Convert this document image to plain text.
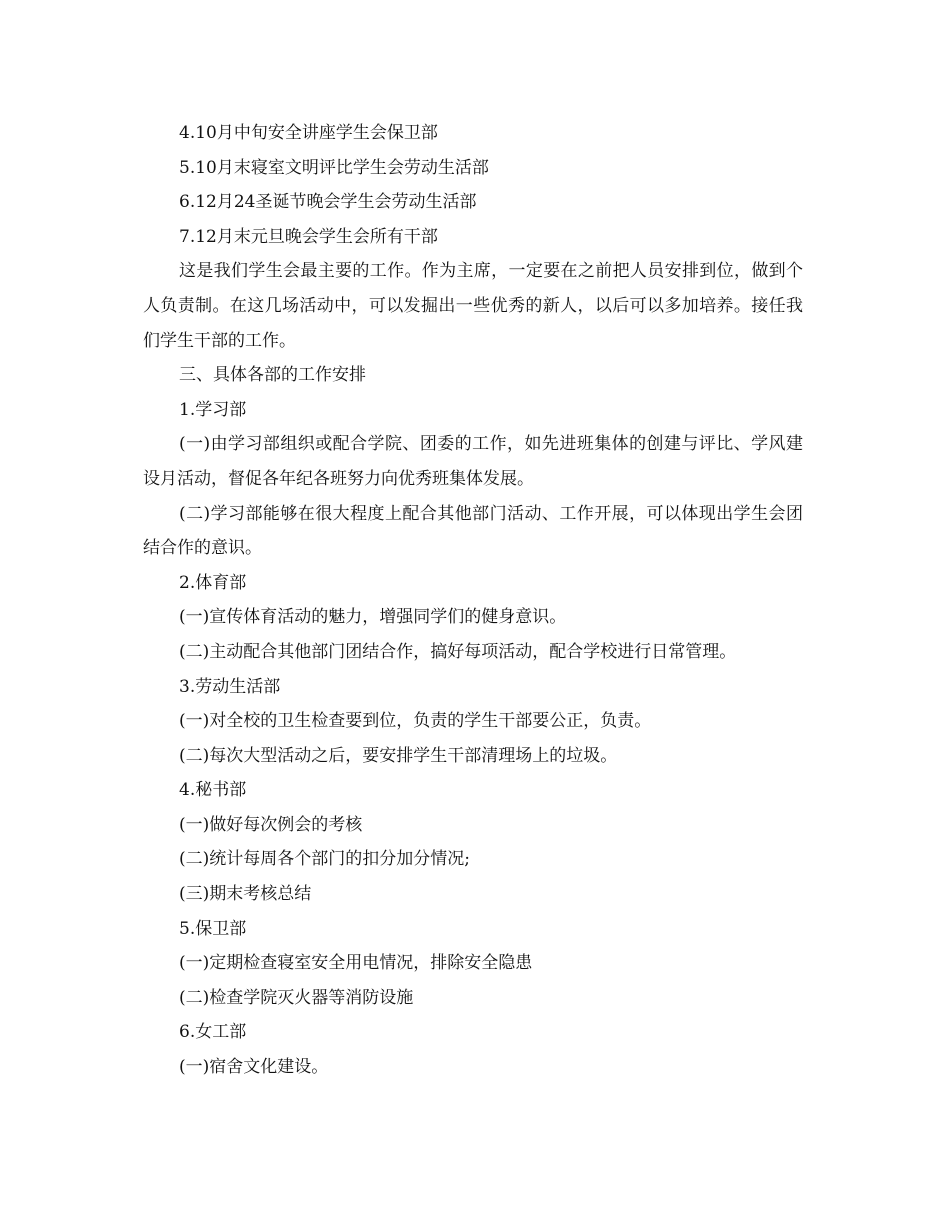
4.10月中旬安全讲座学生会保卫部

5.10月末寝室文明评比学生会劳动生活部

6.12月24圣诞节晚会学生会劳动生活部

7.12月末元旦晚会学生会所有干部

这是我们学生会最主要的工作。作为主席，一定要在之前把人员安排到位，做到个人负责制。在这几场活动中，可以发掘出一些优秀的新人，以后可以多加培养。接任我们学生干部的工作。

三、具体各部的工作安排

1.学习部

(一)由学习部组织或配合学院、团委的工作，如先进班集体的创建与评比、学风建设月活动，督促各年纪各班努力向优秀班集体发展。

(二)学习部能够在很大程度上配合其他部门活动、工作开展，可以体现出学生会团结合作的意识。

2.体育部

(一)宣传体育活动的魅力，增强同学们的健身意识。

(二)主动配合其他部门团结合作，搞好每项活动，配合学校进行日常管理。

3.劳动生活部

(一)对全校的卫生检查要到位，负责的学生干部要公正，负责。

(二)每次大型活动之后，要安排学生干部清理场上的垃圾。

4.秘书部

(一)做好每次例会的考核

(二)统计每周各个部门的扣分加分情况;

(三)期末考核总结

5.保卫部

(一)定期检查寝室安全用电情况，排除安全隐患

(二)检查学院灭火器等消防设施

6.女工部

(一)宿舍文化建设。
